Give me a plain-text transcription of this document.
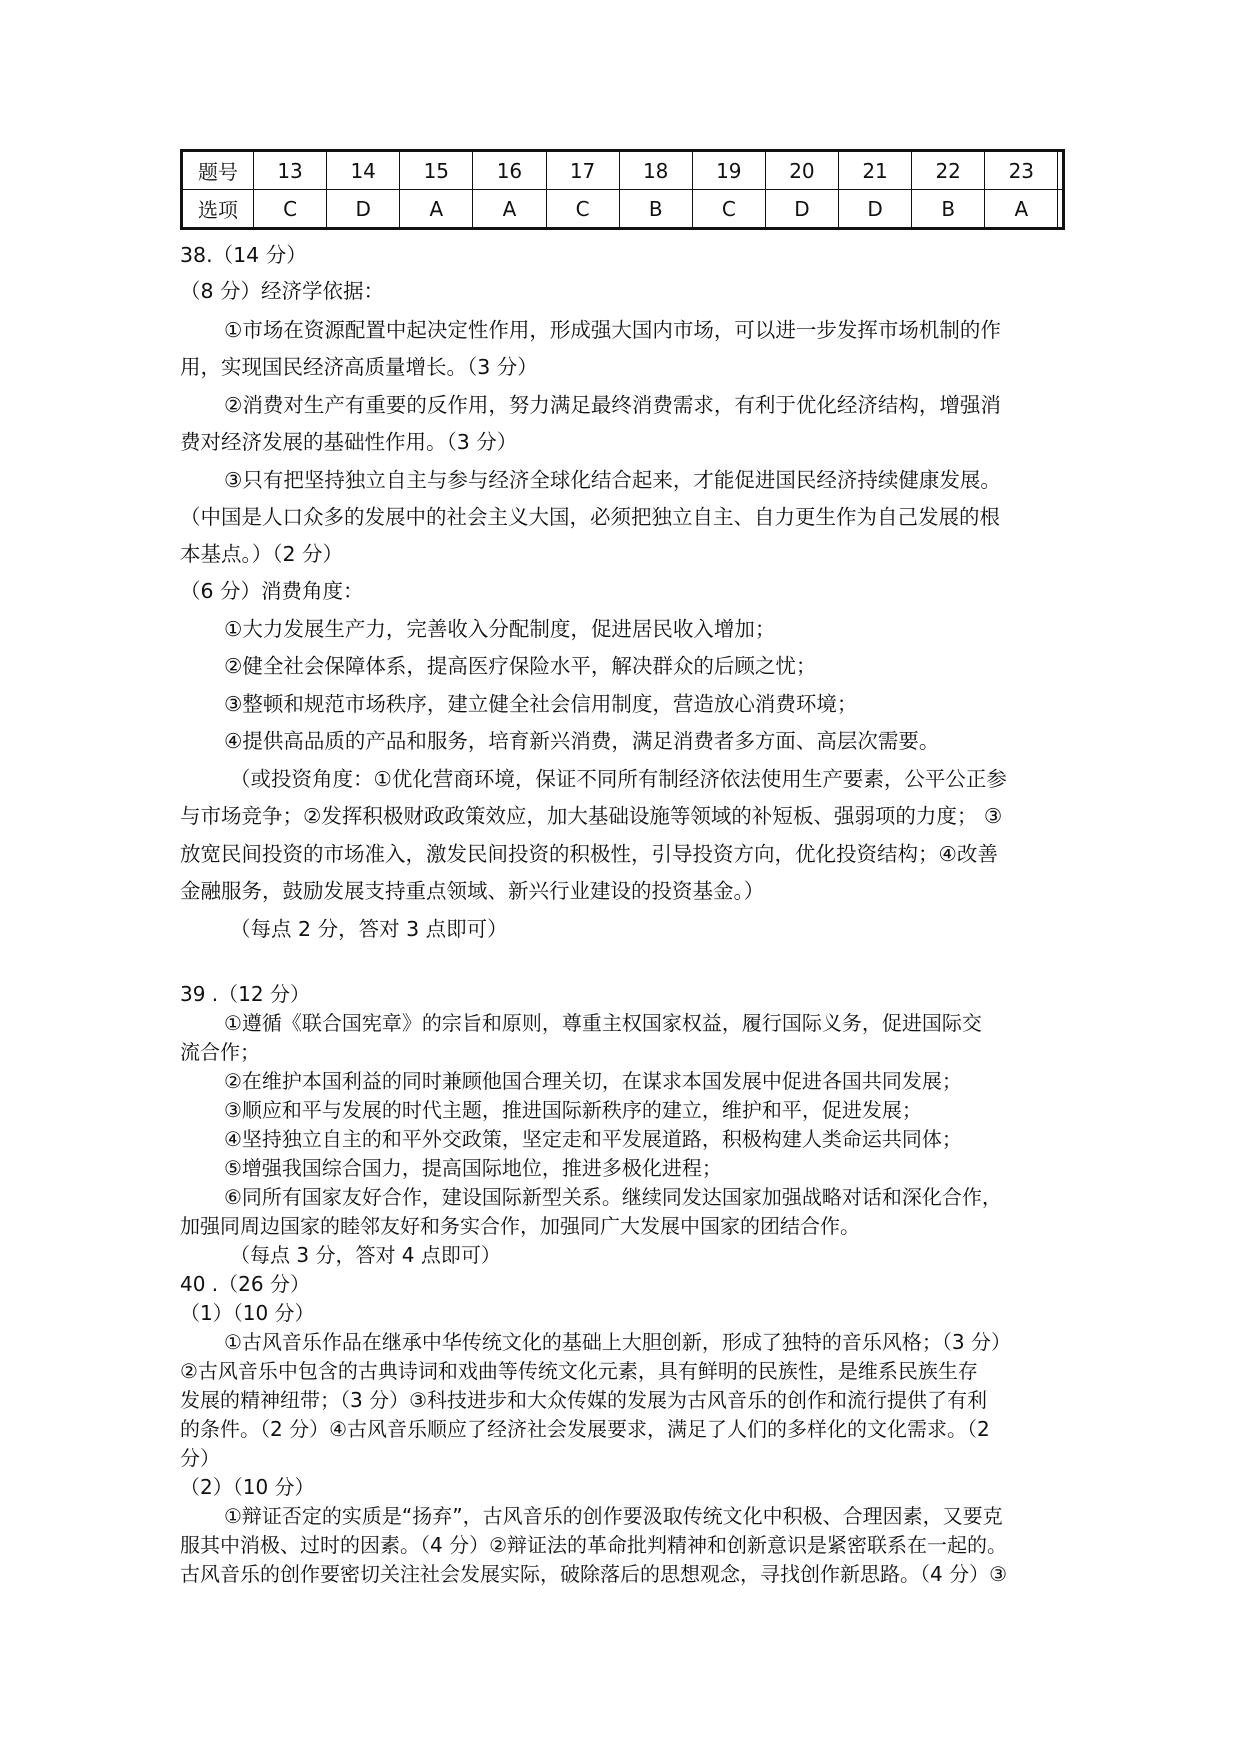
题号	13	14	15	16	17	18	19	20	21	22	23	
选项	C	D	A	A	C	B	C	D	D	B	A	
38.（14 分）
（8 分）经济学依据：
①市场在资源配置中起决定性作用，形成强大国内市场，可以进一步发挥市场机制的作
用，实现国民经济高质量增长。（3 分）
②消费对生产有重要的反作用，努力满足最终消费需求，有利于优化经济结构，增强消
费对经济发展的基础性作用。（3 分）
③只有把坚持独立自主与参与经济全球化结合起来，才能促进国民经济持续健康发展。
（中国是人口众多的发展中的社会主义大国，必须把独立自主、自力更生作为自己发展的根
本基点。）（2 分）
（6 分）消费角度：
①大力发展生产力，完善收入分配制度，促进居民收入增加；
②健全社会保障体系，提高医疗保险水平，解决群众的后顾之忧；
③整顿和规范市场秩序，建立健全社会信用制度，营造放心消费环境；
④提供高品质的产品和服务，培育新兴消费，满足消费者多方面、高层次需要。
（或投资角度：①优化营商环境，保证不同所有制经济依法使用生产要素，公平公正参
与市场竞争；②发挥积极财政政策效应，加大基础设施等领域的补短板、强弱项的力度； ③
放宽民间投资的市场准入，激发民间投资的积极性，引导投资方向，优化投资结构；④改善
金融服务，鼓励发展支持重点领域、新兴行业建设的投资基金。）
（每点 2 分，答对 3 点即可）
39 .（12 分）
①遵循《联合国宪章》的宗旨和原则，尊重主权国家权益，履行国际义务，促进国际交
流合作；
②在维护本国利益的同时兼顾他国合理关切，在谋求本国发展中促进各国共同发展；
③顺应和平与发展的时代主题，推进国际新秩序的建立，维护和平，促进发展；
④坚持独立自主的和平外交政策，坚定走和平发展道路，积极构建人类命运共同体；
⑤增强我国综合国力，提高国际地位，推进多极化进程；
⑥同所有国家友好合作，建设国际新型关系。继续同发达国家加强战略对话和深化合作，
加强同周边国家的睦邻友好和务实合作，加强同广大发展中国家的团结合作。
（每点 3 分，答对 4 点即可）
40 .（26 分）
（1）（10 分）
①古风音乐作品在继承中华传统文化的基础上大胆创新，形成了独特的音乐风格；（3 分）
②古风音乐中包含的古典诗词和戏曲等传统文化元素，具有鲜明的民族性，是维系民族生存
发展的精神纽带；（3 分）③科技进步和大众传媒的发展为古风音乐的创作和流行提供了有利
的条件。（2 分）④古风音乐顺应了经济社会发展要求，满足了人们的多样化的文化需求。（2
分）
（2）（10 分）
①辩证否定的实质是“扬弃”，古风音乐的创作要汲取传统文化中积极、合理因素，又要克
服其中消极、过时的因素。（4 分）②辩证法的革命批判精神和创新意识是紧密联系在一起的。
古风音乐的创作要密切关注社会发展实际，破除落后的思想观念，寻找创作新思路。（4 分）③
